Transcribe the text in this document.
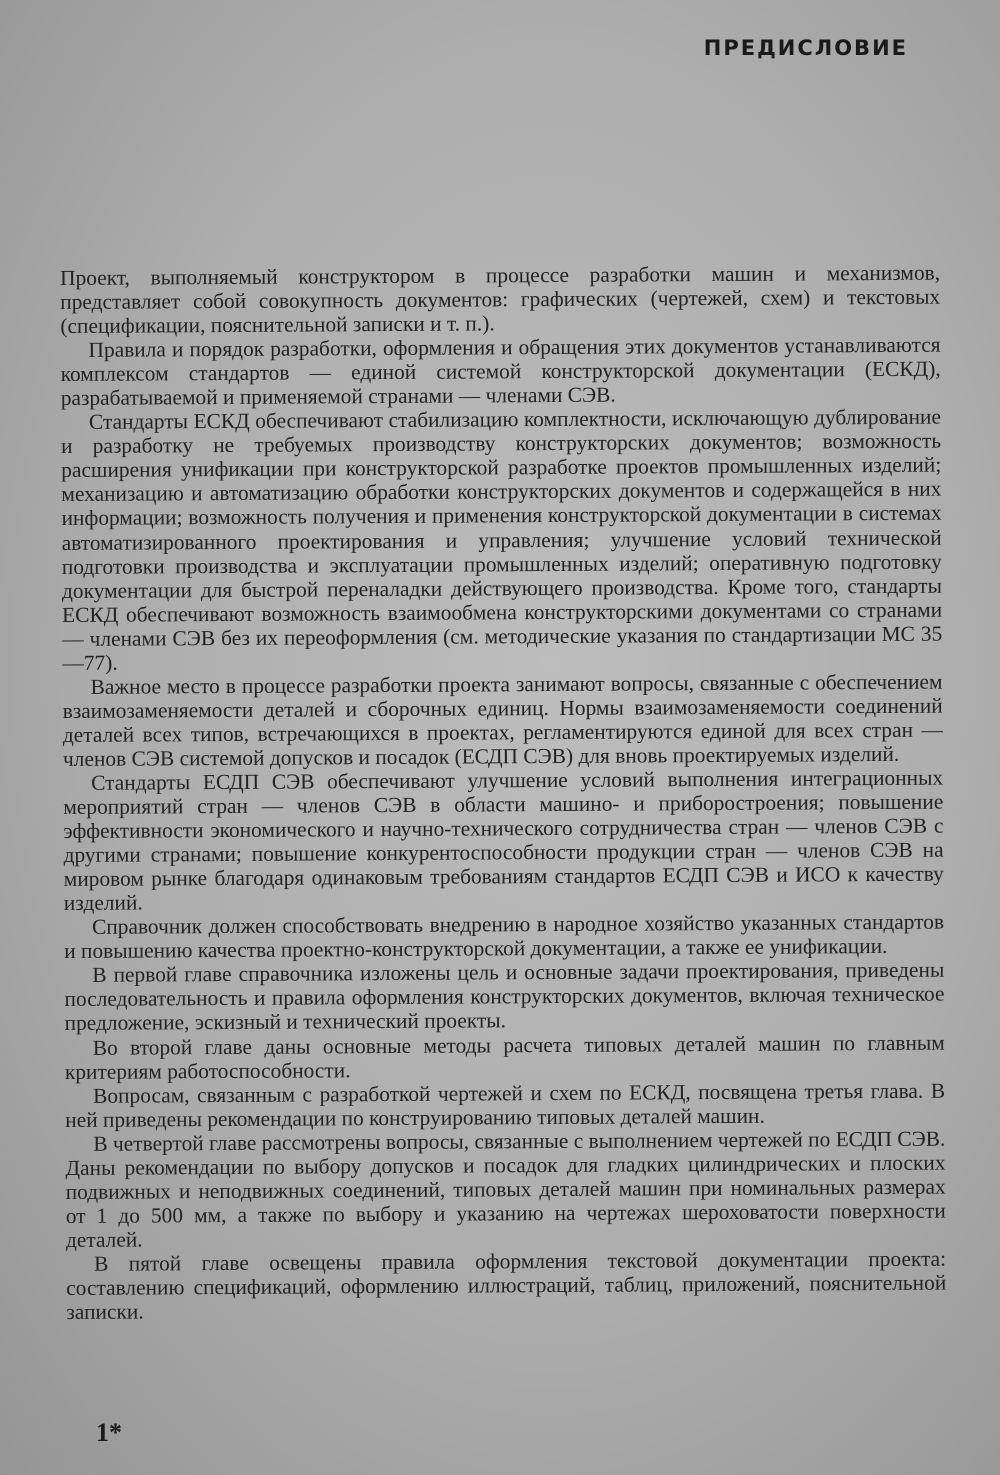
ПРЕДИСЛОВИЕ

Проект, выполняемый конструктором в процессе разработки машин и механизмов, представляет собой совокупность документов: графических (чертежей, схем) и текстовых (спецификации, пояснительной записки и т. п.).

Правила и порядок разработки, оформления и обращения этих документов устанавливаются комплексом стандартов — единой системой конструкторской документации (ЕСКД), разрабатываемой и применяемой странами — членами СЭВ.

Стандарты ЕСКД обеспечивают стабилизацию комплектности, исключающую дублирование и разработку не требуемых производству конструкторских документов; возможность расширения унификации при конструкторской разработке проектов промышленных изделий; механизацию и автоматизацию обработки конструкторских документов и содержащейся в них информации; возможность получения и применения конструкторской документации в системах автоматизированного проектирования и управления; улучшение условий технической подготовки производства и эксплуатации промышленных изделий; оперативную подготовку документации для быстрой переналадки действующего производства. Кроме того, стандарты ЕСКД обеспечивают возможность взаимообмена конструкторскими документами со странами — членами СЭВ без их переоформления (см. методические указания по стандартизации МС 35—77).

Важное место в процессе разработки проекта занимают вопросы, связанные с обеспечением взаимозаменяемости деталей и сборочных единиц. Нормы взаимозаменяемости соединений деталей всех типов, встречающихся в проектах, регламентируются единой для всех стран — членов СЭВ системой допусков и посадок (ЕСДП СЭВ) для вновь проектируемых изделий.

Стандарты ЕСДП СЭВ обеспечивают улучшение условий выполнения интеграционных мероприятий стран — членов СЭВ в области машино- и приборостроения; повышение эффективности экономического и научно-технического сотрудничества стран — членов СЭВ с другими странами; повышение конкурентоспособности продукции стран — членов СЭВ на мировом рынке благодаря одинаковым требованиям стандартов ЕСДП СЭВ и ИСО к качеству изделий.

Справочник должен способствовать внедрению в народное хозяйство указанных стандартов и повышению качества проектно-конструкторской документации, а также ее унификации.

В первой главе справочника изложены цель и основные задачи проектирования, приведены последовательность и правила оформления конструкторских документов, включая техническое предложение, эскизный и технический проекты.

Во второй главе даны основные методы расчета типовых деталей машин по главным критериям работоспособности.

Вопросам, связанным с разработкой чертежей и схем по ЕСКД, посвящена третья глава. В ней приведены рекомендации по конструированию типовых деталей машин.

В четвертой главе рассмотрены вопросы, связанные с выполнением чертежей по ЕСДП СЭВ. Даны рекомендации по выбору допусков и посадок для гладких цилиндрических и плоских подвижных и неподвижных соединений, типовых деталей машин при номинальных размерах от 1 до 500 мм, а также по выбору и указанию на чертежах шероховатости поверхности деталей.

В пятой главе освещены правила оформления текстовой документации проекта: составлению спецификаций, оформлению иллюстраций, таблиц, приложений, пояснительной записки.

1*
